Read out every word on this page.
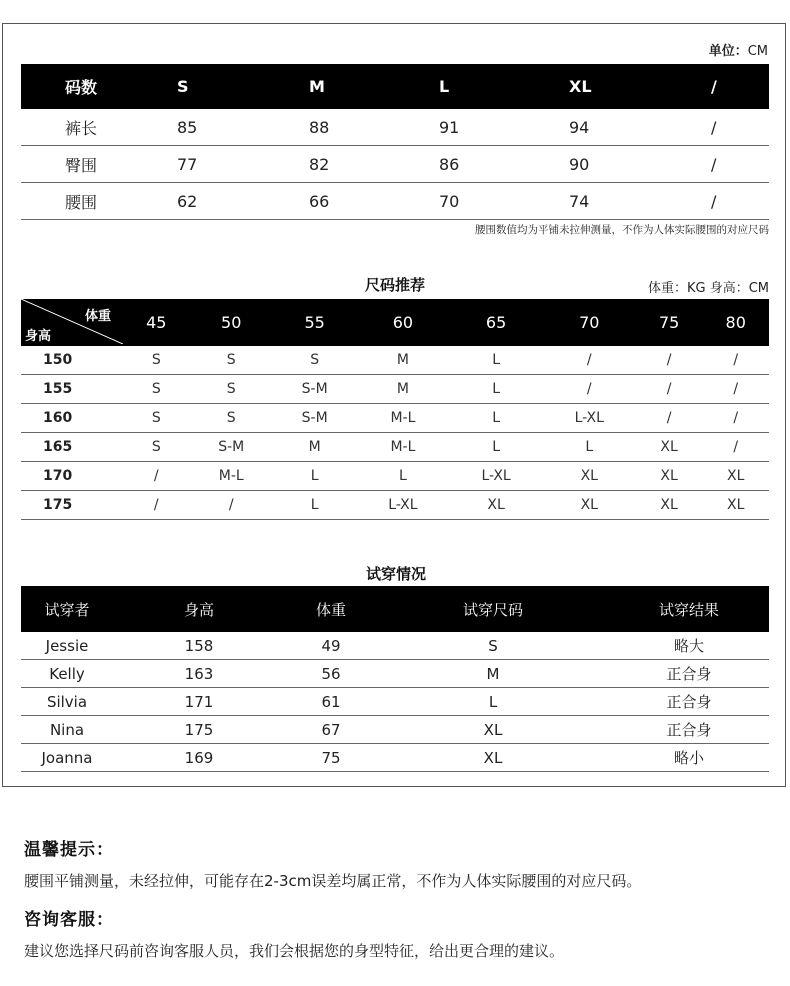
单位：CM
码数	S	M	L	XL	/
裤长	85	88	91	94	/
臀围	77	82	86	90	/
腰围	62	66	70	74	/
腰围数值均为平铺未拉伸测量，不作为人体实际腰围的对应尺码
尺码推荐	体重：KG 身高：CM
体重
身高	45	50	55	60	65	70	75	80
150	S	S	S	M	L	/	/	/
155	S	S	S-M	M	L	/	/	/
160	S	S	S-M	M-L	L	L-XL	/	/
165	S	S-M	M	M-L	L	L	XL	/
170	/	M-L	L	L	L-XL	XL	XL	XL
175	/	/	L	L-XL	XL	XL	XL	XL
试穿情况
试穿者	身高	体重	试穿尺码	试穿结果
Jessie	158	49	S	略大
Kelly	163	56	M	正合身
Silvia	171	61	L	正合身
Nina	175	67	XL	正合身
Joanna	169	75	XL	略小
温馨提示：
腰围平铺测量，未经拉伸，可能存在2-3cm误差均属正常，不作为人体实际腰围的对应尺码。
咨询客服：
建议您选择尺码前咨询客服人员，我们会根据您的身型特征，给出更合理的建议。
